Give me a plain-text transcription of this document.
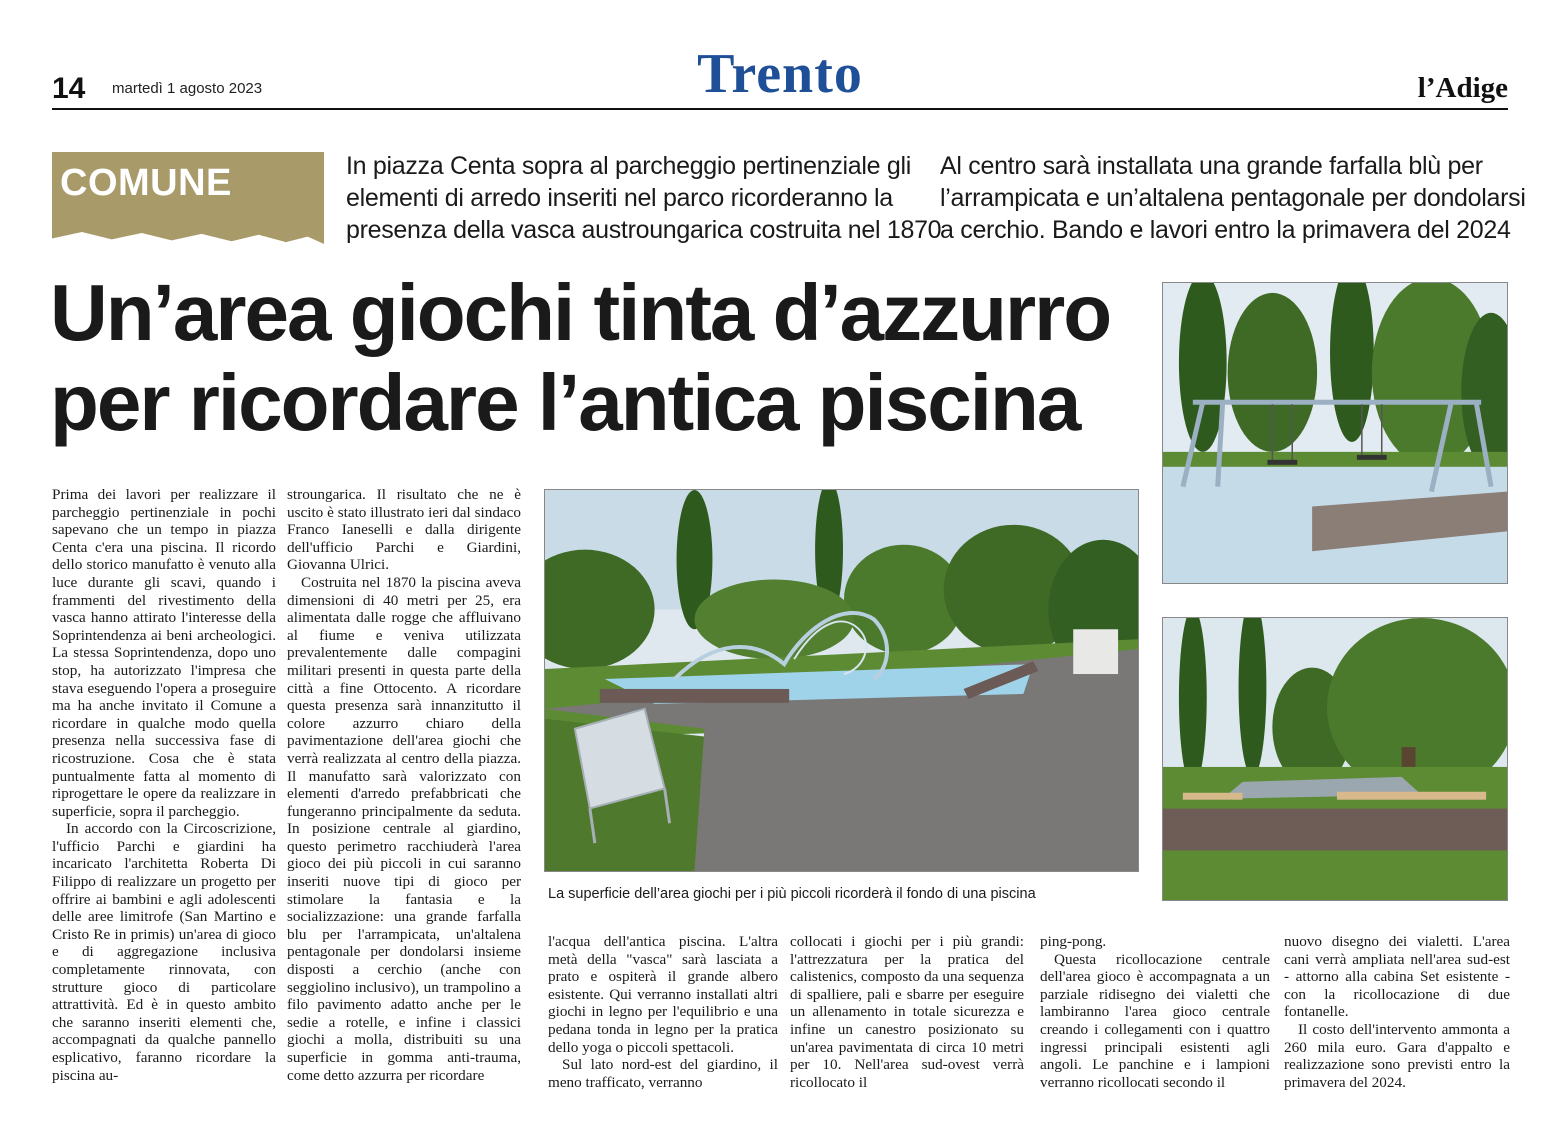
14 martedì 1 agosto 2023	Trento	l’Adige
COMUNE	In piazza Centa sopra al parcheggio pertinenziale gli
elementi di arredo inseriti nel parco ricorderanno la
presenza della vasca austroungarica costruita nel 1870
Al centro sarà installata una grande farfalla blù per
l’arrampicata e un’altalena pentagonale per dondolarsi
a cerchio. Bando e lavori entro la primavera del 2024
Un’area giochi tinta d’azzurro
per ricordare l’antica piscina

Prima dei lavori per realizzare il parcheggio pertinenziale in pochi sapevano che un tempo in piazza Centa c'era una piscina. Il ricordo dello storico manufatto è venuto alla luce durante gli scavi, quando i frammenti del rivestimento della vasca hanno attirato l'interesse della Soprintendenza ai beni archeologici. La stessa Soprintendenza, dopo uno stop, ha autorizzato l'impresa che stava eseguendo l'opera a proseguire ma ha anche invitato il Comune a ricordare in qualche modo quella presenza nella successiva fase di ricostruzione. Cosa che è stata puntualmente fatta al momento di riprogettare le opere da realizzare in superficie, sopra il parcheggio.

In accordo con la Circoscrizione, l'ufficio Parchi e giardini ha incaricato l'architetta Roberta Di Filippo di realizzare un progetto per offrire ai bambini e agli adolescenti delle aree limitrofe (San Martino e Cristo Re in primis) un'area di gioco e di aggregazione inclusiva completamente rinnovata, con strutture gioco di particolare attrattività. Ed è in questo ambito che saranno inseriti elementi che, accompagnati da qualche pannello esplicativo, faranno ricordare la piscina au-

stroungarica. Il risultato che ne è uscito è stato illustrato ieri dal sindaco Franco Ianeselli e dalla dirigente dell'ufficio Parchi e Giardini, Giovanna Ulrici.

Costruita nel 1870 la piscina aveva dimensioni di 40 metri per 25, era alimentata dalle rogge che affluivano al fiume e veniva utilizzata prevalentemente dalle compagini militari presenti in questa parte della città a fine Ottocento. A ricordare questa presenza sarà innanzitutto il colore azzurro chiaro della pavimentazione dell'area giochi che verrà realizzata al centro della piazza. Il manufatto sarà valorizzato con elementi d'arredo prefabbricati che fungeranno principalmente da seduta. In posizione centrale al giardino, questo perimetro racchiuderà l'area gioco dei più piccoli in cui saranno inseriti nuove tipi di gioco per stimolare la fantasia e la socializzazione: una grande farfalla blu per l'arrampicata, un'altalena pentagonale per dondolarsi insieme disposti a cerchio (anche con seggiolino inclusivo), un trampolino a filo pavimento adatto anche per le sedie a rotelle, e infine i classici giochi a molla, distribuiti su una superficie in gomma anti-trauma, come detto azzurra per ricordare

l'acqua dell'antica piscina. L'altra metà della "vasca" sarà lasciata a prato e ospiterà il grande albero esistente. Qui verranno installati altri giochi in legno per l'equilibrio e una pedana tonda in legno per la pratica dello yoga o piccoli spettacoli.

Sul lato nord-est del giardino, il meno trafficato, verranno

collocati i giochi per i più grandi: l'attrezzatura per la pratica del calistenics, composto da una sequenza di spalliere, pali e sbarre per eseguire un allenamento in totale sicurezza e infine un canestro posizionato su un'area pavimentata di circa 10 metri per 10. Nell'area sud-ovest verrà ricollocato il

ping-pong.

Questa ricollocazione centrale dell'area gioco è accompagnata a un parziale ridisegno dei vialetti che lambiranno l'area gioco centrale creando i collegamenti con i quattro ingressi principali esistenti agli angoli. Le panchine e i lampioni verranno ricollocati secondo il

nuovo disegno dei vialetti. L'area cani verrà ampliata nell'area sud-est - attorno alla cabina Set esistente - con la ricollocazione di due fontanelle.

Il costo dell'intervento ammonta a 260 mila euro. Gara d'appalto e realizzazione sono previsti entro la primavera del 2024.

La superficie dell’area giochi per i più piccoli ricorderà il fondo di una piscina
